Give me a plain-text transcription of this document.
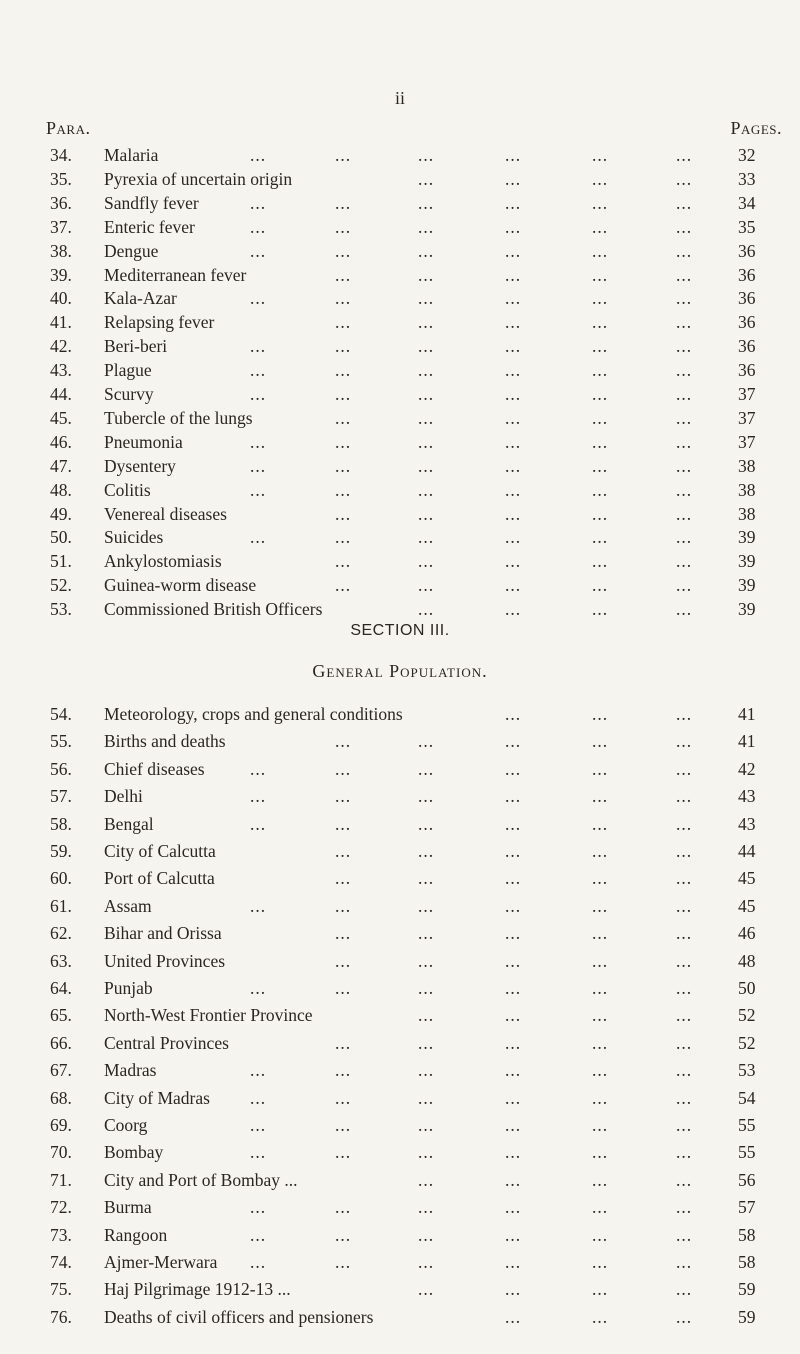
ii
Para.	Pages.
34. Malaria	...	...	...	...	...	...	32
35. Pyrexia of uncertain origin	...	...	...	...	33
36. Sandfly fever	...	...	...	...	...	...	34
37. Enteric fever	...	...	...	...	...	...	35
38. Dengue	...	...	...	...	...	...	36
39. Mediterranean fever	...	...	...	...	...	36
40. Kala-Azar	...	...	...	...	...	...	36
41. Relapsing fever	...	...	...	...	...	36
42. Beri-beri	...	...	...	...	...	...	36
43. Plague	...	...	...	...	...	...	36
44. Scurvy	...	...	...	...	...	...	37
45. Tubercle of the lungs	...	...	...	...	...	37
46. Pneumonia	...	...	...	...	...	...	37
47. Dysentery	...	...	...	...	...	...	38
48. Colitis	...	...	...	...	...	...	38
49. Venereal diseases	...	...	...	...	...	38
50. Suicides	...	...	...	...	...	...	39
51. Ankylostomiasis	...	...	...	...	...	39
52. Guinea-worm disease	...	...	...	...	...	39
53. Commissioned British Officers	...	...	...	...	39
SECTION III.
General Population.
54. Meteorology, crops and general conditions	...	...	...	41
55. Births and deaths	...	...	...	...	...	41
56. Chief diseases	...	...	...	...	...	...	42
57. Delhi	...	...	...	...	...	...	43
58. Bengal	...	...	...	...	...	...	43
59. City of Calcutta	...	...	...	...	...	44
60. Port of Calcutta	...	...	...	...	...	45
61. Assam	...	...	...	...	...	...	45
62. Bihar and Orissa	...	...	...	...	...	46
63. United Provinces	...	...	...	...	...	48
64. Punjab	...	...	...	...	...	...	50
65. North-West Frontier Province	...	...	...	...	52
66. Central Provinces	...	...	...	...	...	52
67. Madras	...	...	...	...	...	...	53
68. City of Madras ...	...	...	...	...	...	54
69. Coorg	...	...	...	...	...	...	55
70. Bombay	...	...	...	...	...	...	55
71. City and Port of Bombay ...	...	...	...	...	56
72. Burma	...	...	...	...	...	...	57
73. Rangoon	...	...	...	...	...	...	58
74. Ajmer-Merwara ...	...	...	...	...	...	58
75. Haj Pilgrimage 1912-13 ...	...	...	...	...	59
76. Deaths of civil officers and pensioners	...	...	...	59
